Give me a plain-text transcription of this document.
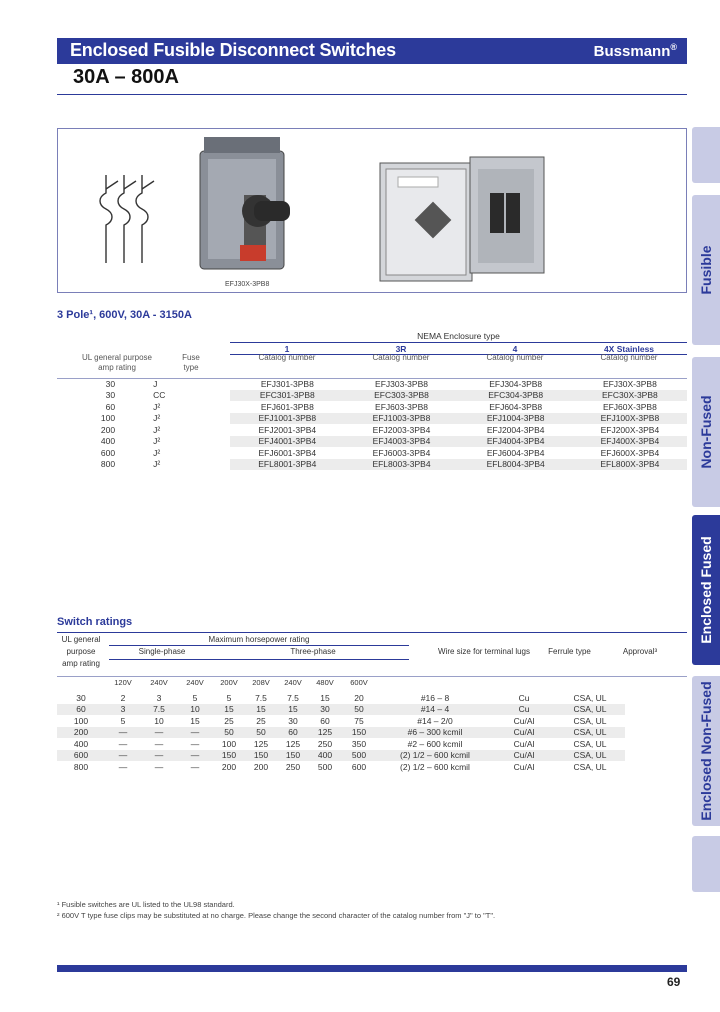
Enclosed Fusible Disconnect Switches	Bussmann®
30A – 800A
EFJ30X-3PB8	Fusible
Non-Fused
Enclosed Fused
Enclosed Non-Fused
3 Pole¹, 600V, 30A - 3150A
NEMA Enclosure type
1	3R	4	4X Stainless
UL general purpose amp rating
Fuse type
Catalog number	Catalog number	Catalog number	Catalog number
30	J	EFJ301-3PB8	EFJ303-3PB8	EFJ304-3PB8	EFJ30X-3PB8
30	CC	EFC301-3PB8	EFC303-3PB8	EFC304-3PB8	EFC30X-3PB8
60	J²	EFJ601-3PB8	EFJ603-3PB8	EFJ604-3PB8	EFJ60X-3PB8
100	J²	EFJ1001-3PB8	EFJ1003-3PB8	EFJ1004-3PB8	EFJ100X-3PB8
200	J²	EFJ2001-3PB4	EFJ2003-3PB4	EFJ2004-3PB4	EFJ200X-3PB4
400	J²	EFJ4001-3PB4	EFJ4003-3PB4	EFJ4004-3PB4	EFJ400X-3PB4
600	J²	EFJ6001-3PB4	EFJ6003-3PB4	EFJ6004-3PB4	EFJ600X-3PB4
800	J²	EFL8001-3PB4	EFL8003-3PB4	EFL8004-3PB4	EFL800X-3PB4
Switch ratings
UL general
purpose
amp rating
Maximum horsepower rating
Single-phase	Three-phase	Wire size for terminal lugs	Ferrule type	Approval³
	120V	240V	240V	200V	208V	240V	480V	600V			
30	2	3	5	5	7.5	7.5	15	20	#16 – 8	Cu	CSA, UL
60	3	7.5	10	15	15	15	30	50	#14 – 4	Cu	CSA, UL
100	5	10	15	25	25	30	60	75	#14 – 2/0	Cu/Al	CSA, UL
200	—	—	—	50	50	60	125	150	#6 – 300 kcmil	Cu/Al	CSA, UL
400	—	—	—	100	125	125	250	350	#2 – 600 kcmil	Cu/Al	CSA, UL
600	—	—	—	150	150	150	400	500	(2) 1/2 – 600 kcmil	Cu/Al	CSA, UL
800	—	—	—	200	200	250	500	600	(2) 1/2 – 600 kcmil	Cu/Al	CSA, UL
¹ Fusible switches are UL listed to the UL98 standard.
² 600V T type fuse clips may be substituted at no charge. Please change the second character of the catalog number from "J" to "T".
69
